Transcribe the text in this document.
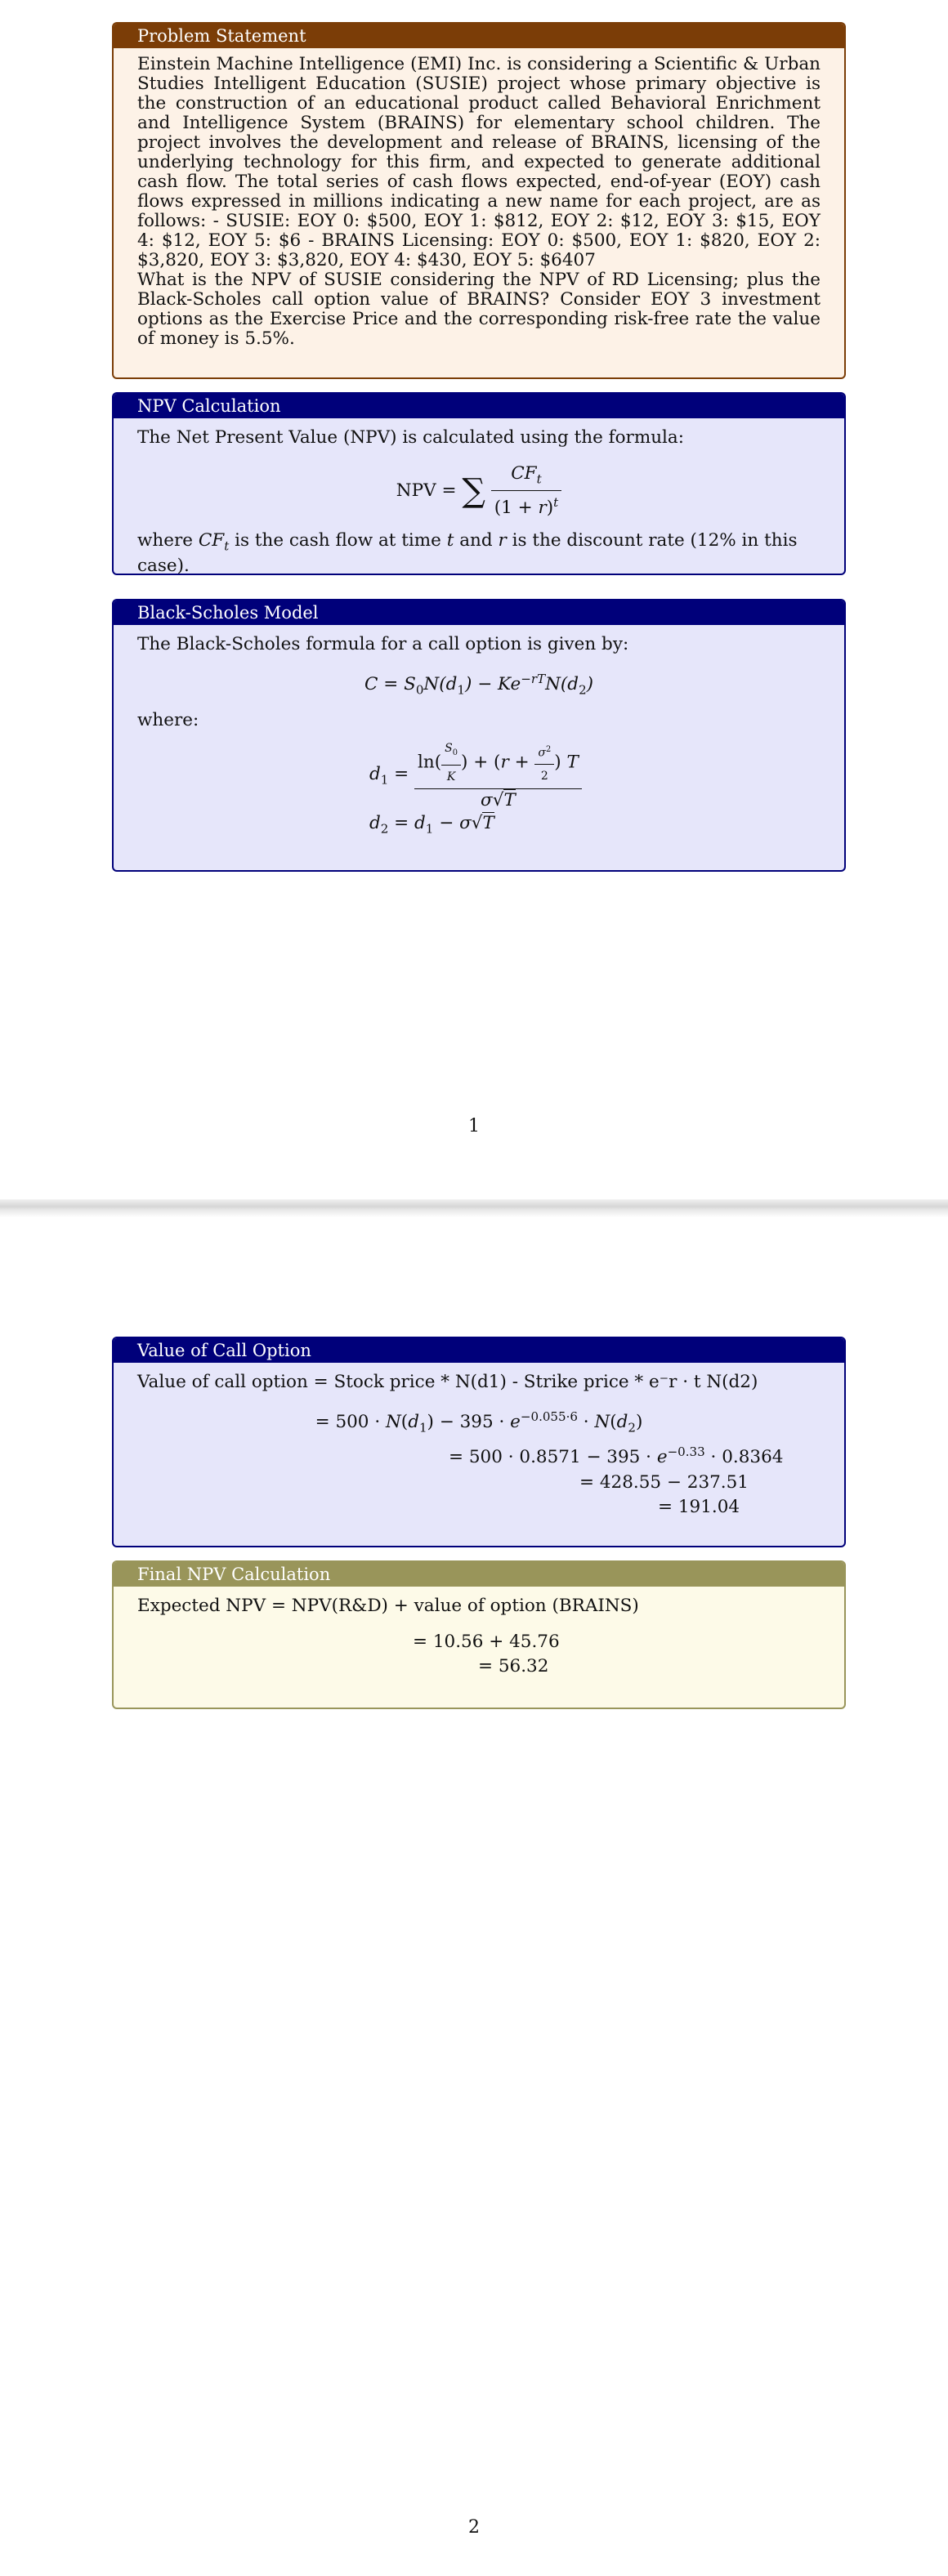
Problem Statement
Einstein Machine Intelligence (EMI) Inc. is considering a Scientific & Urban Studies Intelligent Education (SUSIE) project whose primary objective is the construction of an educational product called Behavioral Enrichment and Intelligence System (BRAINS) for elementary school children. The project involves the development and release of BRAINS, licensing of the underlying technology for this firm, and expected to generate additional cash flow. The total series of cash flows expected, end-of-year (EOY) cash flows expressed in millions indicating a new name for each project, are as follows: - SUSIE: EOY 0: $500, EOY 1: $812, EOY 2: $12, EOY 3: $15, EOY 4: $12, EOY 5: $6 - BRAINS Licensing: EOY 0: $500, EOY 1: $820, EOY 2: $3,820, EOY 3: $3,820, EOY 4: $430, EOY 5: $6407
What is the NPV of SUSIE considering the NPV of RD Licensing; plus the Black-Scholes call option value of BRAINS? Consider EOY 3 investment options as the Exercise Price and the corresponding risk-free rate the value of money is 5.5%.
NPV Calculation
The Net Present Value (NPV) is calculated using the formula:
NPV = ∑ $\frac{CF_t}{(1 + r)^t}$
where $CF_t$ is the cash flow at time t and r is the discount rate (12% in this case).
Black-Scholes Model
The Black-Scholes formula for a call option is given by:
$C = S_0N(d_1) - Ke^{-rT}N(d_2)$
where:
$d_1 = \frac{\ln( \frac{S_0}{K} ) + (r + \frac{\sigma^2}{2} ) T}{\sigma√T}$
$d_2 = d_1 - \sigma√T$
1
Value of Call Option
Value of call option = Stock price * N(d1) - Strike price * e⁻r · t N(d2)
= $500 \cdot N(d_1) - 395 \cdot e^{-0.055\cdot 6} \cdot N(d_2)$
= $500 \cdot 0.8571 - 395 \cdot e^{-0.33} \cdot 0.8364$
= 428.55 − 237.51
= 191.04
Final NPV Calculation
Expected NPV = NPV(R&D) + value of option (BRAINS)
= 10.56 + 45.76
= 56.32
2
